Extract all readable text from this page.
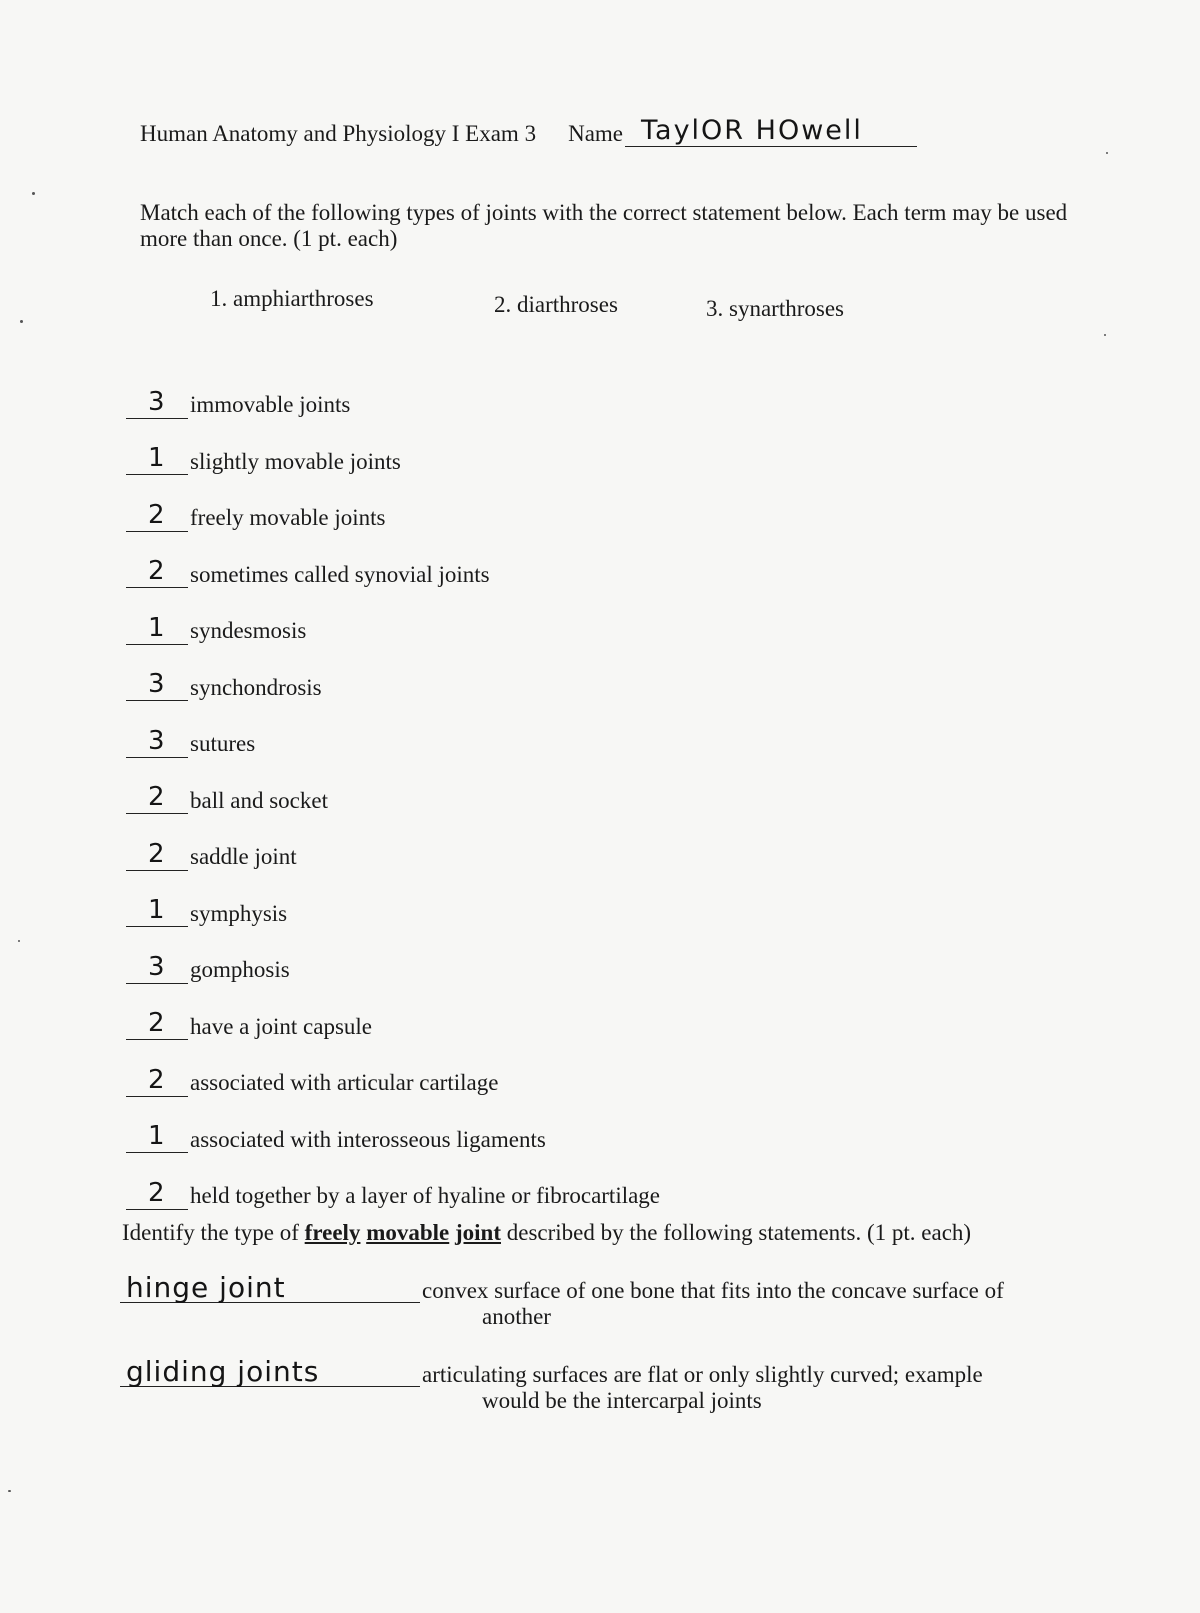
Human Anatomy and Physiology I Exam 3 Name TaylOR HOwell
Match each of the following types of joints with the correct statement below. Each term may be used more than once. (1 pt. each)
1. amphiarthroses	2. diarthroses	3. synarthroses
3 immovable joints
1 slightly movable joints
2 freely movable joints
2 sometimes called synovial joints
1 syndesmosis
3 synchondrosis
3 sutures
2 ball and socket
2 saddle joint
1 symphysis
3 gomphosis
2 have a joint capsule
2 associated with articular cartilage
1 associated with interosseous ligaments
2 held together by a layer of hyaline or fibrocartilage
Identify the type of freely movable joint described by the following statements. (1 pt. each)
hinge joint	convex surface of one bone that fits into the concave surface of
another
gliding joints	articulating surfaces are flat or only slightly curved; example
would be the intercarpal joints
